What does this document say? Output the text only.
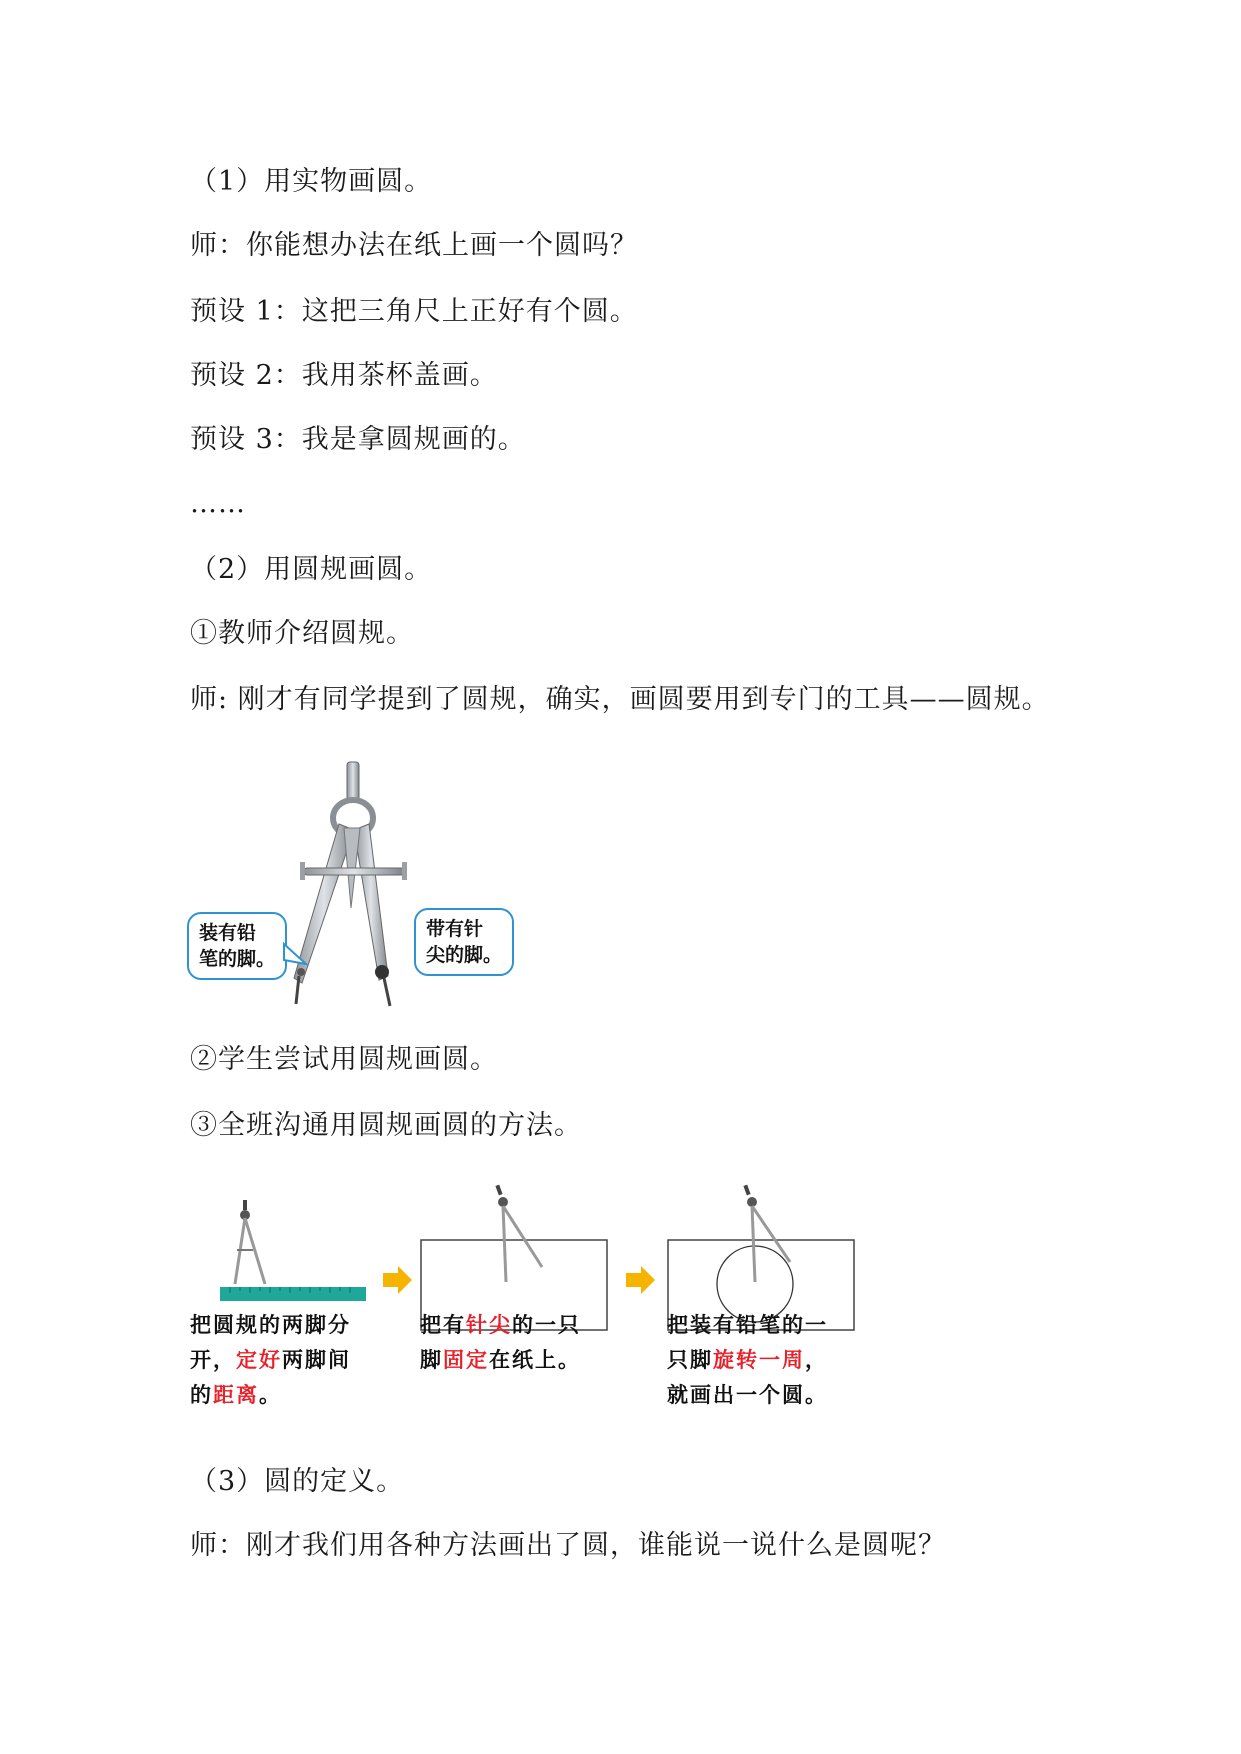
（1）用实物画圆。
师：你能想办法在纸上画一个圆吗？
预设 1：这把三角尺上正好有个圆。
预设 2：我用茶杯盖画。
预设 3：我是拿圆规画的。
……
（2）用圆规画圆。
①教师介绍圆规。
师: 刚才有同学提到了圆规，确实，画圆要用到专门的工具——圆规。
装有铅
笔的脚。
带有针
尖的脚。
②学生尝试用圆规画圆。
③全班沟通用圆规画圆的方法。
把圆规的两脚分
开，定好两脚间
的距离。
把有针尖的一只
脚固定在纸上。
把装有铅笔的一
只脚旋转一周，
就画出一个圆。
（3）圆的定义。
师：刚才我们用各种方法画出了圆，谁能说一说什么是圆呢？
